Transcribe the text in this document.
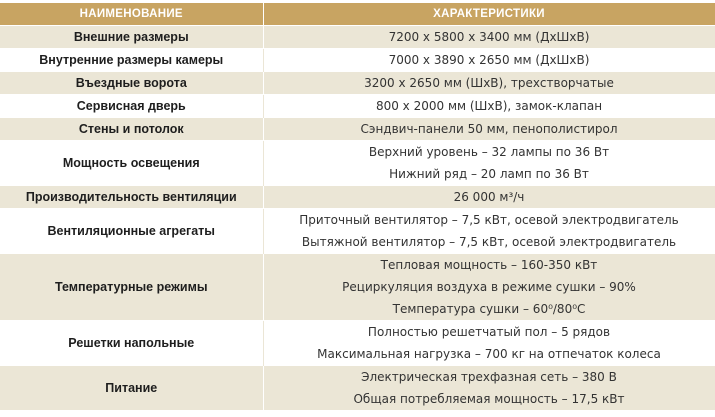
НАИМЕНОВАНИЕ	ХАРАКТЕРИСТИКИ
Внешние размеры	7200 х 5800 х 3400 мм (ДхШхВ)

Внутренние размеры камеры	7000 х 3890 х 2650 мм (ДхШхВ)

Въездные ворота	3200 х 2650 мм (ШхВ), трехстворчатые

Сервисная дверь	800 х 2000 мм (ШхВ), замок-клапан

Стены и потолок	Сэндвич-панели 50 мм, пенополистирол

Мощность освещения	Верхний уровень – 32 лампы по 36 Вт
Нижний ряд – 20 ламп по 36 Вт

Производительность вентиляции	26 000 м³/ч

Вентиляционные агрегаты	Приточный вентилятор – 7,5 кВт, осевой электродвигатель
Вытяжной вентилятор – 7,5 кВт, осевой электродвигатель

Температурные режимы	Тепловая мощность – 160-350 кВт
Рециркуляция воздуха в режиме сушки – 90%
Температура сушки – 60⁰/80⁰С

Решетки напольные	Полностью решетчатый пол – 5 рядов
Максимальная нагрузка – 700 кг на отпечаток колеса

Питание	Электрическая трехфазная сеть – 380 В
Общая потребляемая мощность – 17,5 кВт
